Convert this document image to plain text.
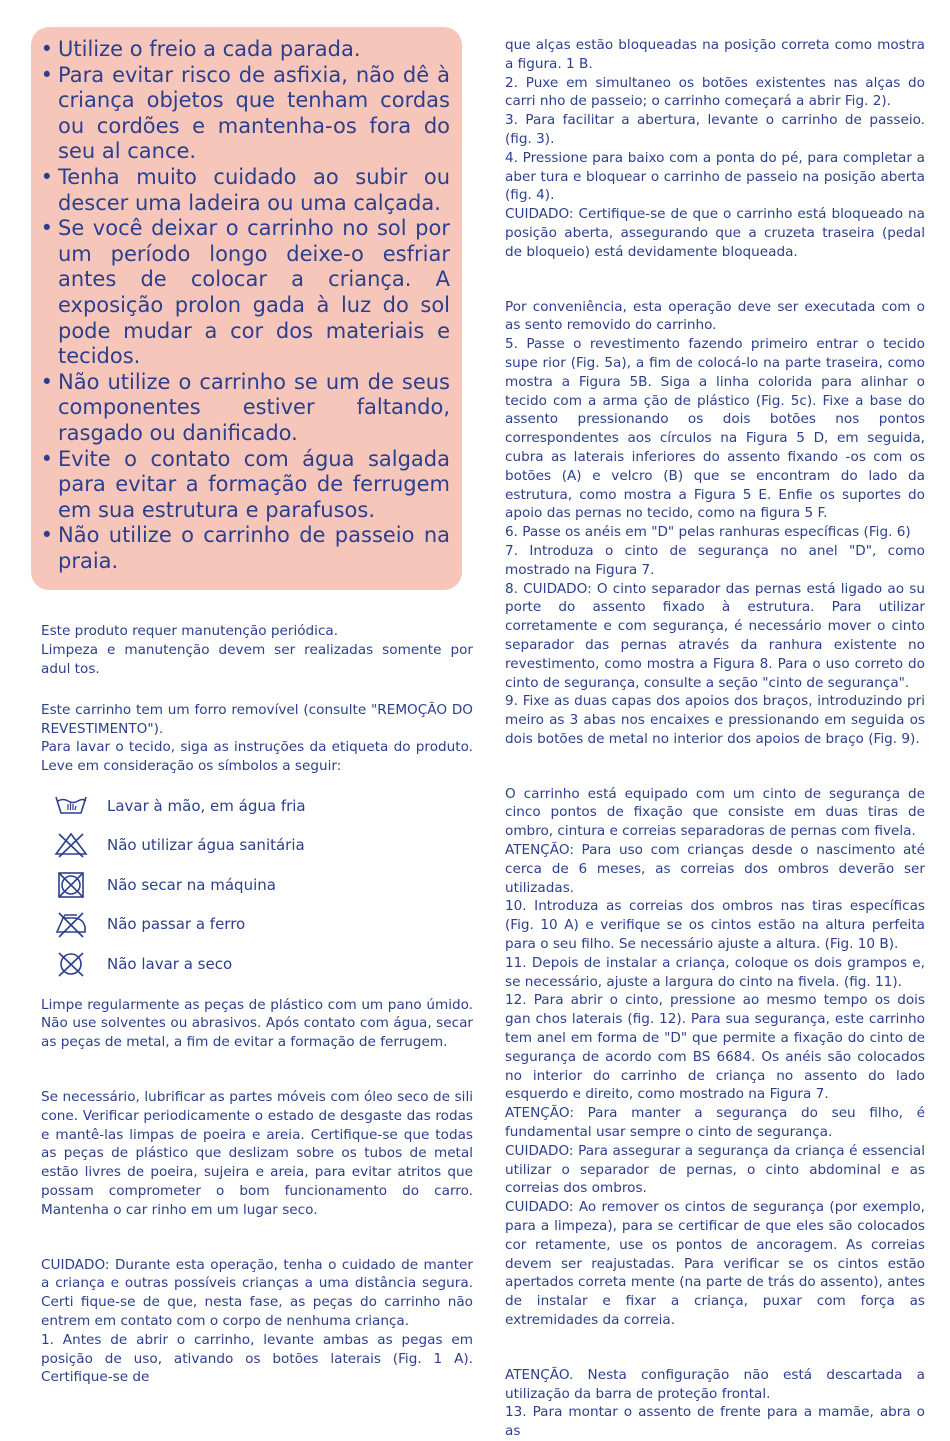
• Utilize o freio a cada parada.
• Para evitar risco de asfixia, não dê à criança objetos que tenham cordas ou cordões e mantenha-os fora do seu al cance.
• Tenha muito cuidado ao subir ou descer uma ladeira ou uma calçada.
• Se você deixar o carrinho no sol por um período longo deixe-o esfriar antes de colocar a criança. A exposição prolon gada à luz do sol pode mudar a cor dos materiais e tecidos.
• Não utilize o carrinho se um de seus componentes estiver faltando, rasgado ou danificado.
• Evite o contato com água salgada para evitar a formação de ferrugem em sua estrutura e parafusos.
• Não utilize o carrinho de passeio na praia.

Este produto requer manutenção periódica.
Limpeza e manutenção devem ser realizadas somente por adul tos.

Este carrinho tem um forro removível (consulte "REMOÇÃO DO REVESTIMENTO").
Para lavar o tecido, siga as instruções da etiqueta do produto. Leve em consideração os símbolos a seguir:

Lavar à mão, em água fria
Não utilizar água sanitária
Não secar na máquina
Não passar a ferro
Não lavar a seco

Limpe regularmente as peças de plástico com um pano úmido. Não use solventes ou abrasivos. Após contato com água, secar as peças de metal, a fim de evitar a formação de ferrugem.

Se necessário, lubrificar as partes móveis com óleo seco de sili cone. Verificar periodicamente o estado de desgaste das rodas e mantê-las limpas de poeira e areia. Certifique-se que todas as peças de plástico que deslizam sobre os tubos de metal estão livres de poeira, sujeira e areia, para evitar atritos que possam comprometer o bom funcionamento do carro. Mantenha o car rinho em um lugar seco.

CUIDADO: Durante esta operação, tenha o cuidado de manter a criança e outras possíveis crianças a uma distância segura. Certi fique-se de que, nesta fase, as peças do carrinho não entrem em contato com o corpo de nenhuma criança.
1. Antes de abrir o carrinho, levante ambas as pegas em posição de uso, ativando os botões laterais (Fig. 1 A). Certifique-se de

que alças estão bloqueadas na posição correta como mostra a figura. 1 B.
2. Puxe em simultaneo os botões existentes nas alças do carri nho de passeio; o carrinho começará a abrir Fig. 2).
3. Para facilitar a abertura, levante o carrinho de passeio. (fig. 3).
4. Pressione para baixo com a ponta do pé, para completar a aber tura e bloquear o carrinho de passeio na posição aberta (fig. 4).
CUIDADO: Certifique-se de que o carrinho está bloqueado na posição aberta, assegurando que a cruzeta traseira (pedal de bloqueio) está devidamente bloqueada.

Por conveniência, esta operação deve ser executada com o as sento removido do carrinho.
5. Passe o revestimento fazendo primeiro entrar o tecido supe rior (Fig. 5a), a fim de colocá-lo na parte traseira, como mostra a Figura 5B. Siga a linha colorida para alinhar o tecido com a arma ção de plástico (Fig. 5c). Fixe a base do assento pressionando os dois botões nos pontos correspondentes aos círculos na Figura 5 D, em seguida, cubra as laterais inferiores do assento fixando -os com os botões (A) e velcro (B) que se encontram do lado da estrutura, como mostra a Figura 5 E. Enfie os suportes do apoio das pernas no tecido, como na figura 5 F.
6. Passe os anéis em "D" pelas ranhuras específicas (Fig. 6)
7. Introduza o cinto de segurança no anel "D", como mostrado na Figura 7.
8. CUIDADO: O cinto separador das pernas está ligado ao su porte do assento fixado à estrutura. Para utilizar corretamente e com segurança, é necessário mover o cinto separador das pernas através da ranhura existente no revestimento, como mostra a Figura 8. Para o uso correto do cinto de segurança, consulte a seção "cinto de segurança".
9. Fixe as duas capas dos apoios dos braços, introduzindo pri meiro as 3 abas nos encaixes e pressionando em seguida os dois botões de metal no interior dos apoios de braço (Fig. 9).

O carrinho está equipado com um cinto de segurança de cinco pontos de fixação que consiste em duas tiras de ombro, cintura e correias separadoras de pernas com fivela.
ATENÇÃO: Para uso com crianças desde o nascimento até cerca de 6 meses, as correias dos ombros deverão ser utilizadas.
10. Introduza as correias dos ombros nas tiras específicas (Fig. 10 A) e verifique se os cintos estão na altura perfeita para o seu filho. Se necessário ajuste a altura. (Fig. 10 B).
11. Depois de instalar a criança, coloque os dois grampos e, se necessário, ajuste a largura do cinto na fivela. (fig. 11).
12. Para abrir o cinto, pressione ao mesmo tempo os dois gan chos laterais (fig. 12). Para sua segurança, este carrinho tem anel em forma de "D" que permite a fixação do cinto de segurança de acordo com BS 6684. Os anéis são colocados no interior do carrinho de criança no assento do lado esquerdo e direito, como mostrado na Figura 7.
ATENÇÃO: Para manter a segurança do seu filho, é fundamental usar sempre o cinto de segurança.
CUIDADO: Para assegurar a segurança da criança é essencial utilizar o separador de pernas, o cinto abdominal e as correias dos ombros.
CUIDADO: Ao remover os cintos de segurança (por exemplo, para a limpeza), para se certificar de que eles são colocados cor retamente, use os pontos de ancoragem. As correias devem ser reajustadas. Para verificar se os cintos estão apertados correta mente (na parte de trás do assento), antes de instalar e fixar a criança, puxar com força as extremidades da correia.

ATENÇÃO. Nesta configuração não está descartada a utilização da barra de proteção frontal.
13. Para montar o assento de frente para a mamãe, abra o as
